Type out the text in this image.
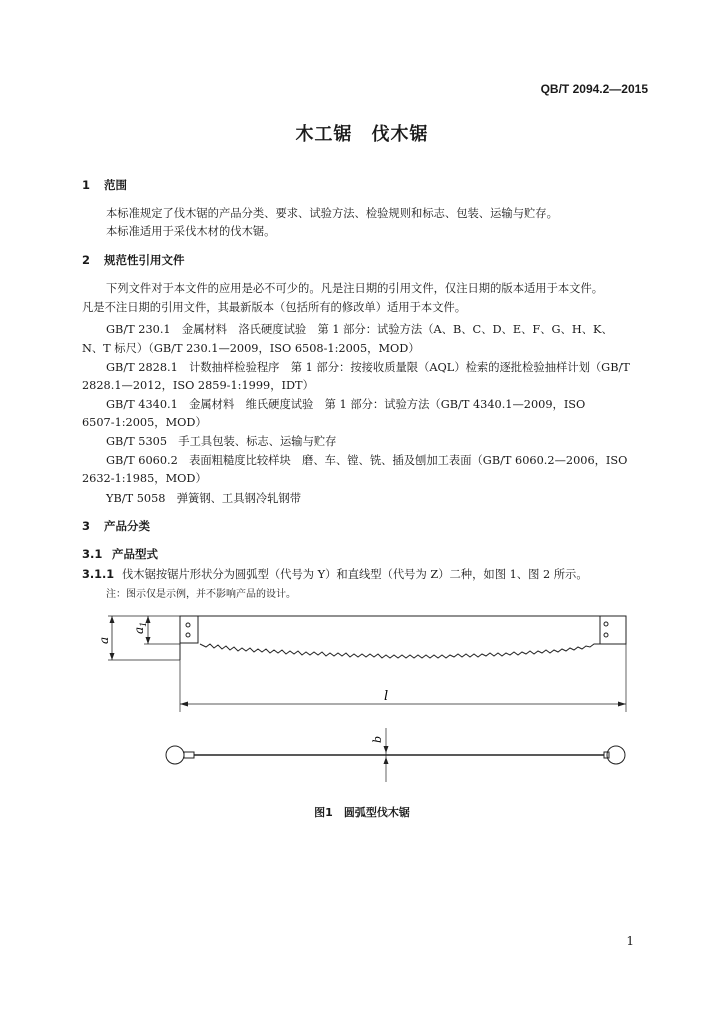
QB/T 2094.2—2015
木工锯　伐木锯
1 范围
本标准规定了伐木锯的产品分类、要求、试验方法、检验规则和标志、包装、运输与贮存。
本标准适用于采伐木材的伐木锯。
2 规范性引用文件
下列文件对于本文件的应用是必不可少的。凡是注日期的引用文件，仅注日期的版本适用于本文件。
凡是不注日期的引用文件，其最新版本（包括所有的修改单）适用于本文件。
GB/T 230.1　金属材料　洛氏硬度试验　第 1 部分：试验方法（A、B、C、D、E、F、G、H、K、
N、T 标尺）（GB/T 230.1—2009，ISO 6508-1:2005，MOD）
GB/T 2828.1　计数抽样检验程序　第 1 部分：按接收质量限（AQL）检索的逐批检验抽样计划（GB/T
2828.1—2012，ISO 2859-1:1999，IDT）
GB/T 4340.1　金属材料　维氏硬度试验　第 1 部分：试验方法（GB/T 4340.1—2009，ISO
6507-1:2005，MOD）
GB/T 5305　手工具包装、标志、运输与贮存
GB/T 6060.2　表面粗糙度比较样块　磨、车、镗、铣、插及刨加工表面（GB/T 6060.2—2006，ISO
2632-1:1985，MOD）
YB/T 5058　弹簧钢、工具钢冷轧钢带
3 产品分类
3.1 产品型式
3.1.1 伐木锯按锯片形状分为圆弧型（代号为 Y）和直线型（代号为 Z）二种，如图 1、图 2 所示。
注：图示仅是示例，并不影响产品的设计。
a
$a_1$
l
b
图1　圆弧型伐木锯
1
